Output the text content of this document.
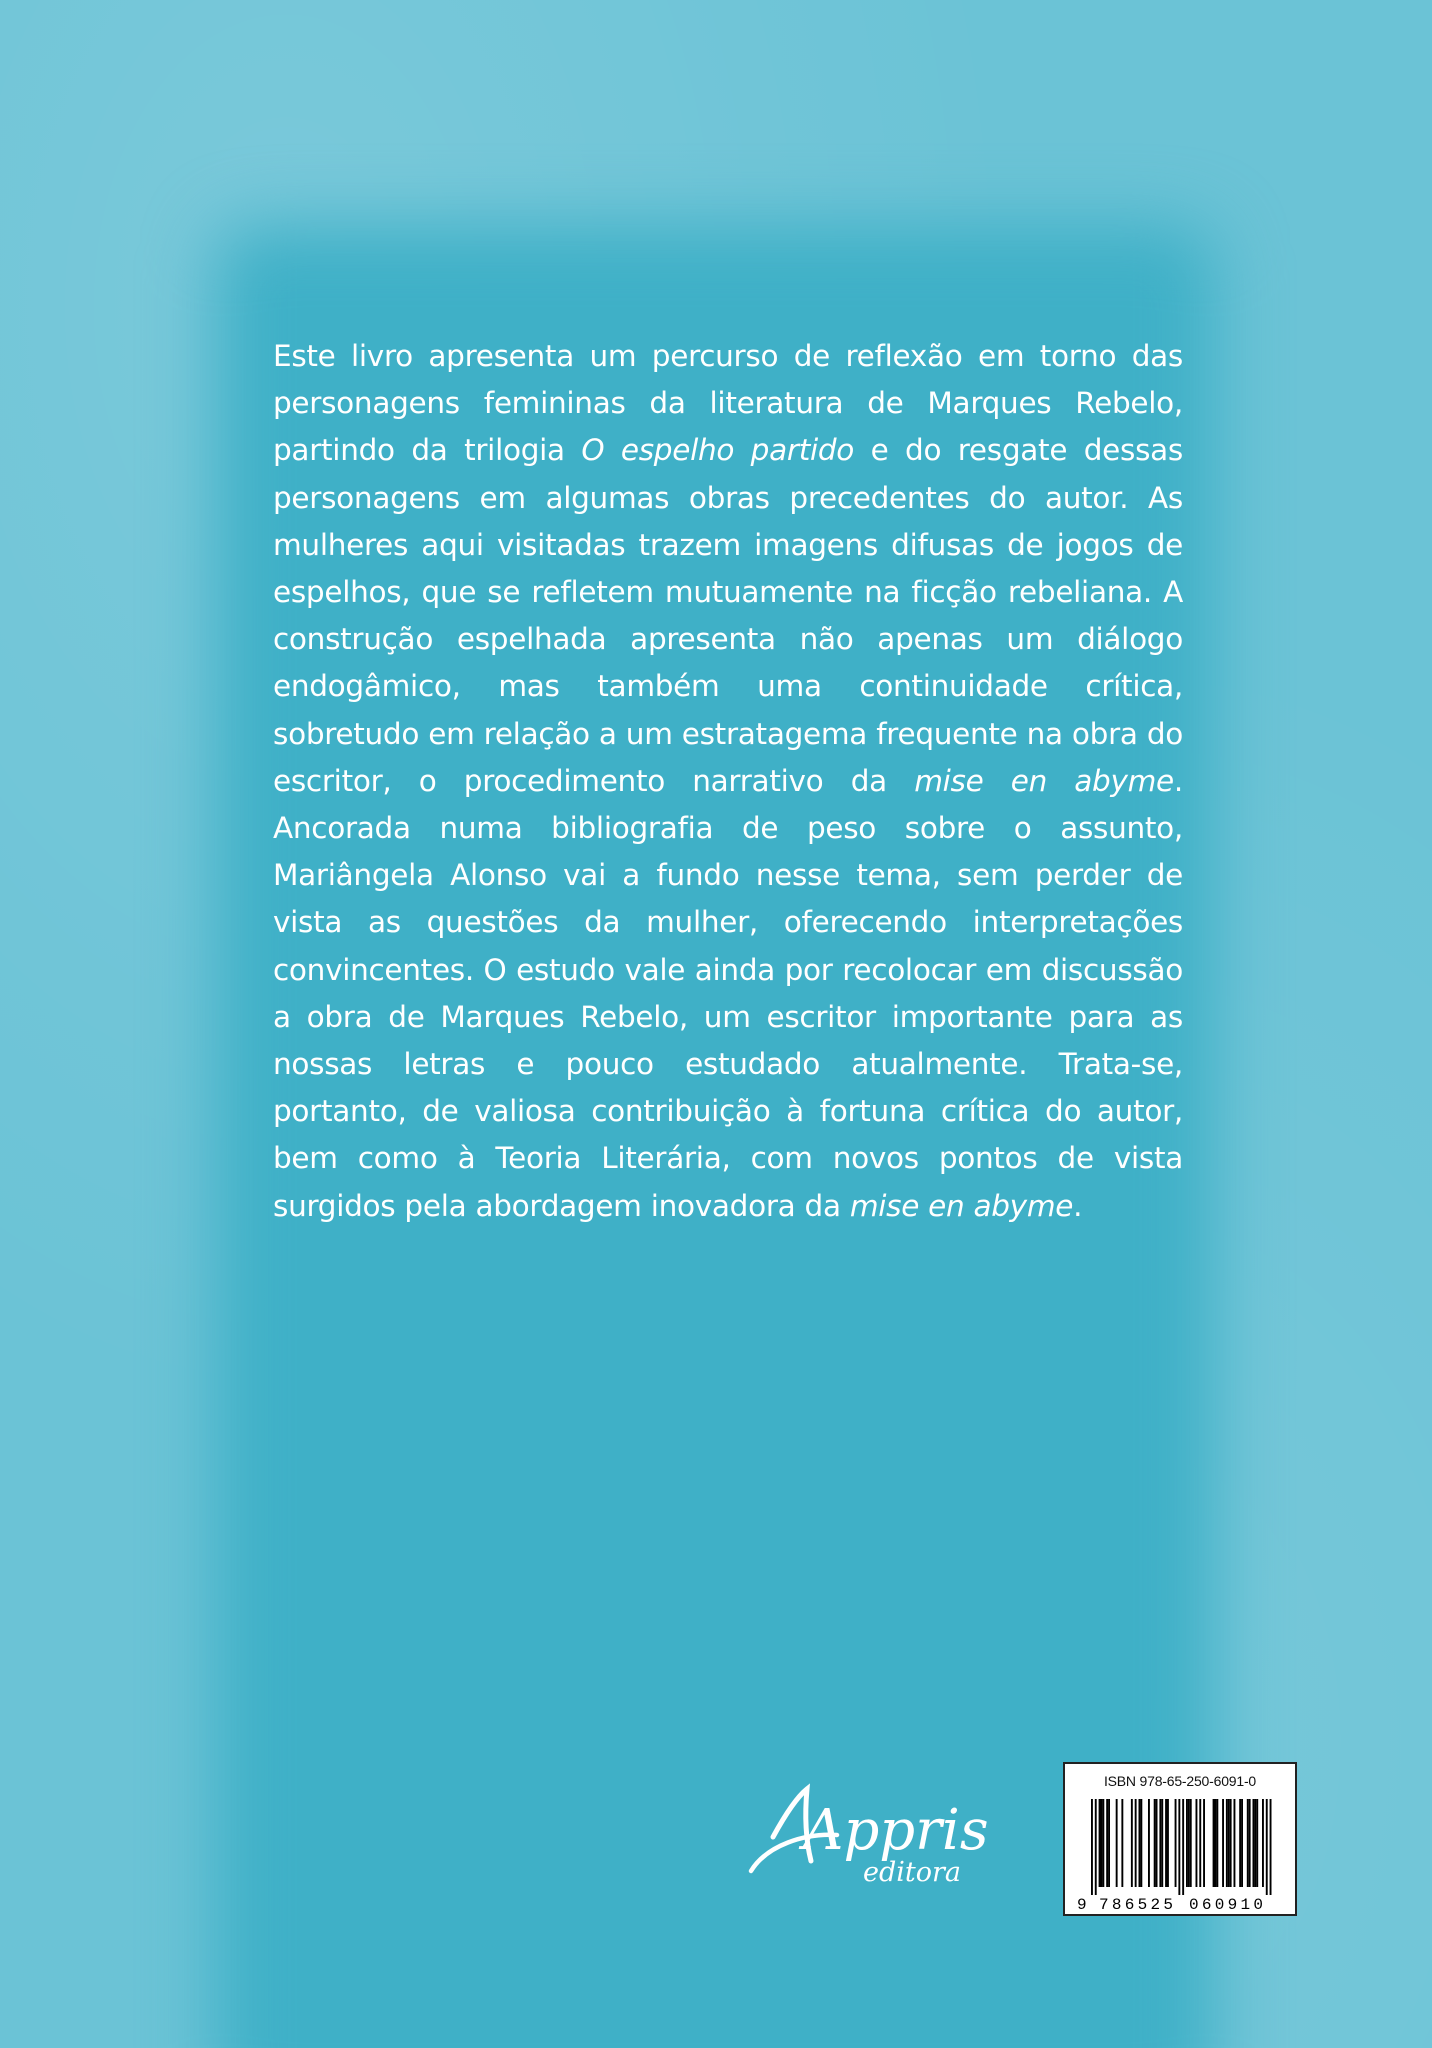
Este livro apresenta um percurso de reflexão em torno das personagens femininas da literatura de Marques Rebelo, partindo da trilogia O espelho partido e do resgate dessas personagens em algumas obras precedentes do autor. As mulheres aqui visitadas trazem imagens difusas de jogos de espelhos, que se refletem mutuamente na ficção rebeliana. A construção espelhada apresenta não apenas um diálogo endogâmico, mas também uma continuidade crítica, sobretudo em relação a um estratagema frequente na obra do escritor, o procedimento narrativo da mise en abyme. Ancorada numa bibliografia de peso sobre o assunto, Mariângela Alonso vai a fundo nesse tema, sem perder de vista as questões da mulher, oferecendo interpretações convincentes. O estudo vale ainda por recolocar em discussão a obra de Marques Rebelo, um escritor importante para as nossas letras e pouco estudado atualmente. Trata-se, portanto, de valiosa contribuição à fortuna crítica do autor, bem como à Teoria Literária, com novos pontos de vista surgidos pela abordagem inovadora da mise en abyme.

Appris
editora
ISBN 978-65-250-6091-0
9 786525 060910
